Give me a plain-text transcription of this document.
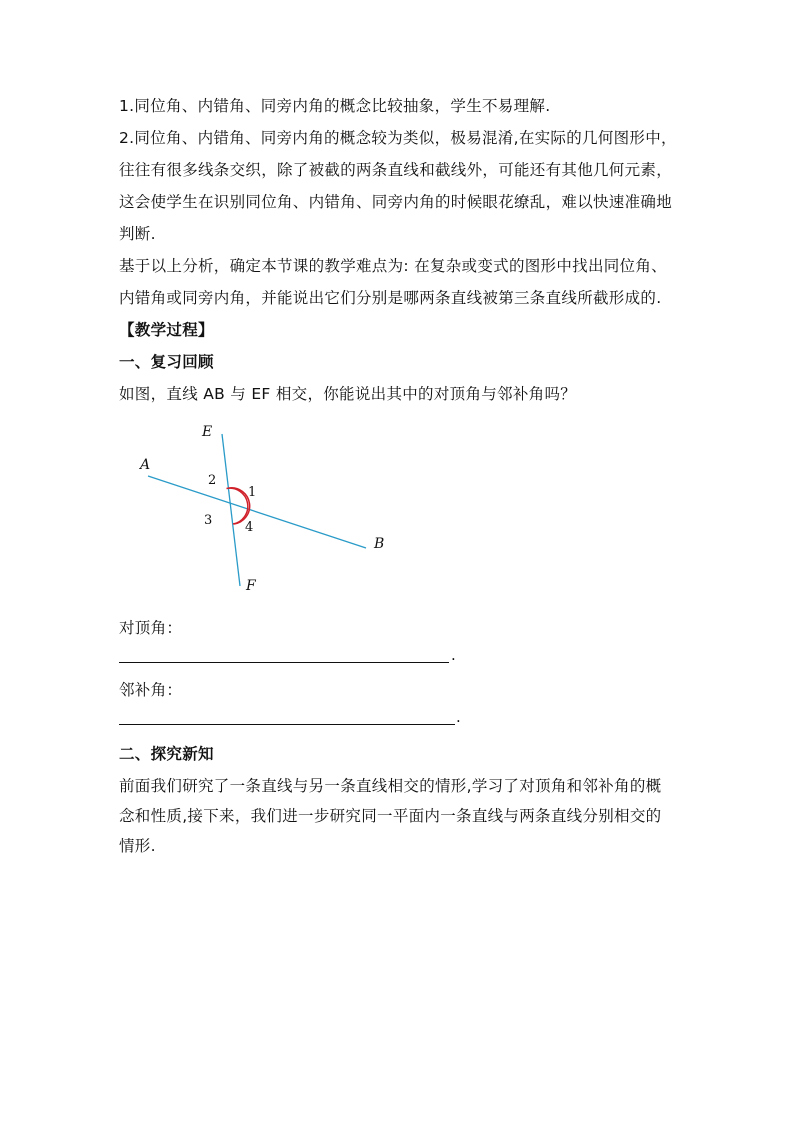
1.同位角、内错角、同旁内角的概念比较抽象，学生不易理解.
2.同位角、内错角、同旁内角的概念较为类似，极易混淆,在实际的几何图形中，
往往有很多线条交织，除了被截的两条直线和截线外，可能还有其他几何元素，
这会使学生在识别同位角、内错角、同旁内角的时候眼花缭乱，难以快速准确地
判断.
基于以上分析，确定本节课的教学难点为: 在复杂或变式的图形中找出同位角、
内错角或同旁内角，并能说出它们分别是哪两条直线被第三条直线所截形成的.
【教学过程】
一、复习回顾
如图，直线 AB 与 EF 相交，你能说出其中的对顶角与邻补角吗？
E
A
B
F
2
1
3	4
对顶角：
.
邻补角：
.
二、探究新知
前面我们研究了一条直线与另一条直线相交的情形,学习了对顶角和邻补角的概
念和性质,接下来，我们进一步研究同一平面内一条直线与两条直线分别相交的
情形.
